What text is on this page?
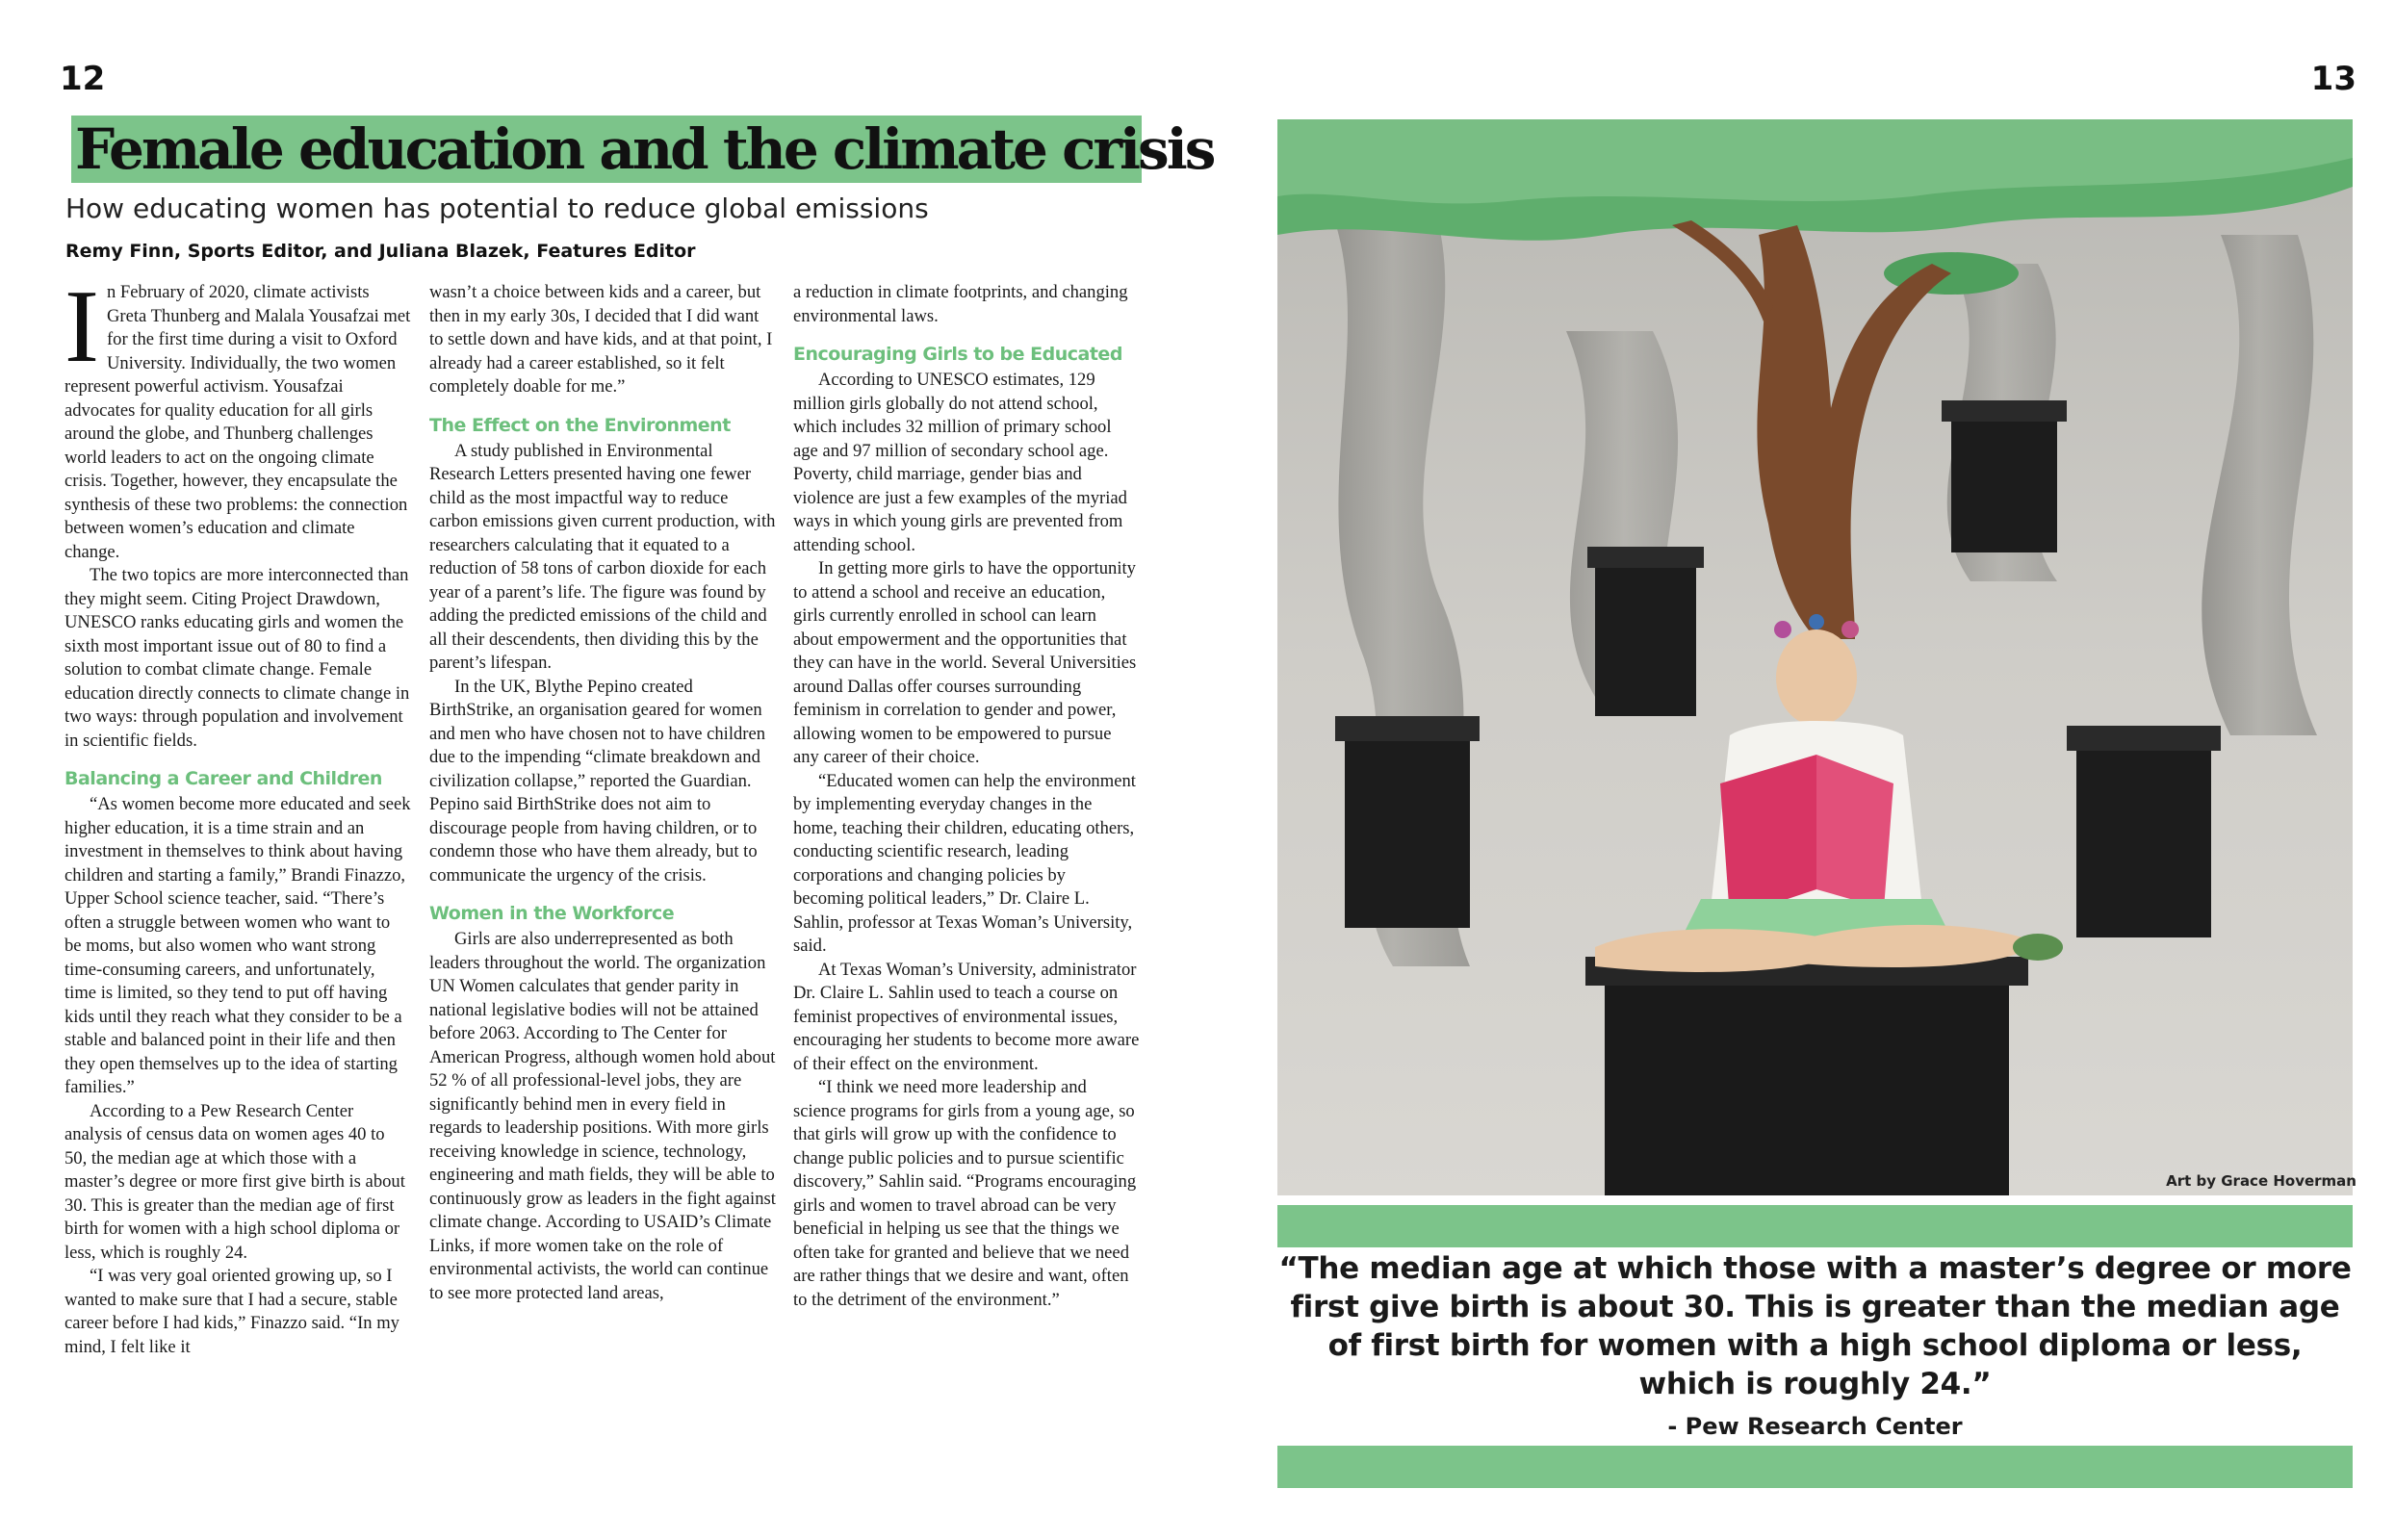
12	13
Female education and the climate crisis
How educating women has potential to reduce global emissions
Remy Finn, Sports Editor, and Juliana Blazek, Features Editor
I n February of 2020, climate activists Greta Thunberg and Malala Yousafzai met for the first time during a visit to Oxford University. Individually, the two women represent powerful activism. Yousafzai advocates for quality education for all girls around the globe, and Thunberg challenges world leaders to act on the ongoing climate crisis. Together, however, they encapsulate the synthesis of these two problems: the connection between women’s education and climate change.

The two topics are more interconnected than they might seem. Citing Project Drawdown, UNESCO ranks educating girls and women the sixth most important issue out of 80 to find a solution to combat climate change. Female education directly connects to climate change in two ways: through population and involvement in scientific fields.

Balancing a Career and Children

“As women become more educated and seek higher education, it is a time strain and an investment in themselves to think about having children and starting a family,” Brandi Finazzo, Upper School science teacher, said. “There’s often a struggle between women who want to be moms, but also women who want strong time-consuming careers, and unfortunately, time is limited, so they tend to put off having kids until they reach what they consider to be a stable and balanced point in their life and then they open themselves up to the idea of starting families.”

According to a Pew Research Center analysis of census data on women ages 40 to 50, the median age at which those with a master’s degree or more first give birth is about 30. This is greater than the median age of first birth for women with a high school diploma or less, which is roughly 24.

“I was very goal oriented growing up, so I wanted to make sure that I had a secure, stable career before I had kids,” Finazzo said. “In my mind, I felt like it

wasn’t a choice between kids and a career, but then in my early 30s, I decided that I did want to settle down and have kids, and at that point, I already had a career established, so it felt completely doable for me.”

The Effect on the Environment

A study published in Environmental Research Letters presented having one fewer child as the most impactful way to reduce carbon emissions given current production, with researchers calculating that it equated to a reduction of 58 tons of carbon dioxide for each year of a parent’s life. The figure was found by adding the predicted emissions of the child and all their descendents, then dividing this by the parent’s lifespan.

In the UK, Blythe Pepino created BirthStrike, an organisation geared for women and men who have chosen not to have children due to the impending “climate breakdown and civilization collapse,” reported the Guardian. Pepino said BirthStrike does not aim to discourage people from having children, or to condemn those who have them already, but to communicate the urgency of the crisis.

Women in the Workforce

Girls are also underrepresented as both leaders throughout the world. The organization UN Women calculates that gender parity in national legislative bodies will not be attained before 2063. According to The Center for American Progress, although women hold about 52 % of all professional-level jobs, they are significantly behind men in every field in regards to leadership positions. With more girls receiving knowledge in science, technology, engineering and math fields, they will be able to continuously grow as leaders in the fight against climate change. According to USAID’s Climate Links, if more women take on the role of environmental activists, the world can continue to see more protected land areas,

a reduction in climate footprints, and changing environmental laws.

Encouraging Girls to be Educated

According to UNESCO estimates, 129 million girls globally do not attend school, which includes 32 million of primary school age and 97 million of secondary school age. Poverty, child marriage, gender bias and violence are just a few examples of the myriad ways in which young girls are prevented from attending school.

In getting more girls to have the opportunity to attend a school and receive an education, girls currently enrolled in school can learn about empowerment and the opportunities that they can have in the world. Several Universities around Dallas offer courses surrounding feminism in correlation to gender and power, allowing women to be empowered to pursue any career of their choice.

“Educated women can help the environment by implementing everyday changes in the home, teaching their children, educating others, conducting scientific research, leading corporations and changing policies by becoming political leaders,” Dr. Claire L. Sahlin, professor at Texas Woman’s University, said.

At Texas Woman’s University, administrator Dr. Claire L. Sahlin used to teach a course on feminist propectives of environmental issues, encouraging her students to become more aware of their effect on the environment.

“I think we need more leadership and science programs for girls from a young age, so that girls will grow up with the confidence to change public policies and to pursue scientific discovery,” Sahlin said. “Programs encouraging girls and women to travel abroad can be very beneficial in helping us see that the things we often take for granted and believe that we need are rather things that we desire and want, often to the detriment of the environment.”

Art by Grace Hoverman
“The median age at which those with a master’s degree or more first give birth is about 30. This is greater than the median age of first birth for women with a high school diploma or less, which is roughly 24.”
- Pew Research Center
